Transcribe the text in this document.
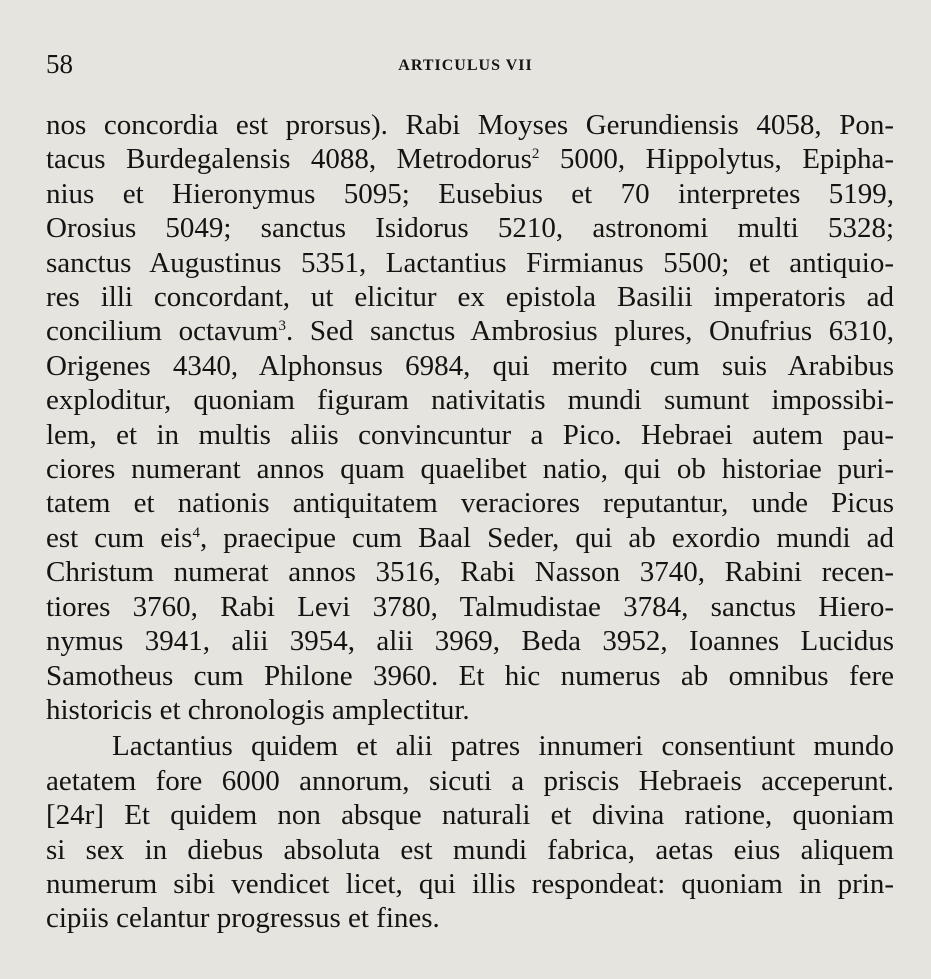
58	ARTICULUS VII
nos concordia est prorsus). Rabi Moyses Gerundiensis 4058, Pon-
tacus Burdegalensis 4088, Metrodorus$^2$ 5000, Hippolytus, Epipha-
nius et Hieronymus 5095; Eusebius et 70 interpretes 5199,
Orosius 5049; sanctus Isidorus 5210, astronomi multi 5328;
sanctus Augustinus 5351, Lactantius Firmianus 5500; et antiquio-
res illi concordant, ut elicitur ex epistola Basilii imperatoris ad
concilium octavum$^3$. Sed sanctus Ambrosius plures, Onufrius 6310,
Origenes 4340, Alphonsus 6984, qui merito cum suis Arabibus
exploditur, quoniam figuram nativitatis mundi sumunt impossibi-
lem, et in multis aliis convincuntur a Pico. Hebraei autem pau-
ciores numerant annos quam quaelibet natio, qui ob historiae puri-
tatem et nationis antiquitatem veraciores reputantur, unde Picus
est cum eis$^4$, praecipue cum Baal Seder, qui ab exordio mundi ad
Christum numerat annos 3516, Rabi Nasson 3740, Rabini recen-
tiores 3760, Rabi Levi 3780, Talmudistae 3784, sanctus Hiero-
nymus 3941, alii 3954, alii 3969, Beda 3952, Ioannes Lucidus
Samotheus cum Philone 3960. Et hic numerus ab omnibus fere
historicis et chronologis amplectitur.
Lactantius quidem et alii patres innumeri consentiunt mundo
aetatem fore 6000 annorum, sicuti a priscis Hebraeis acceperunt.
[24r] Et quidem non absque naturali et divina ratione, quoniam
si sex in diebus absoluta est mundi fabrica, aetas eius aliquem
numerum sibi vendicet licet, qui illis respondeat: quoniam in prin-
cipiis celantur progressus et fines.
